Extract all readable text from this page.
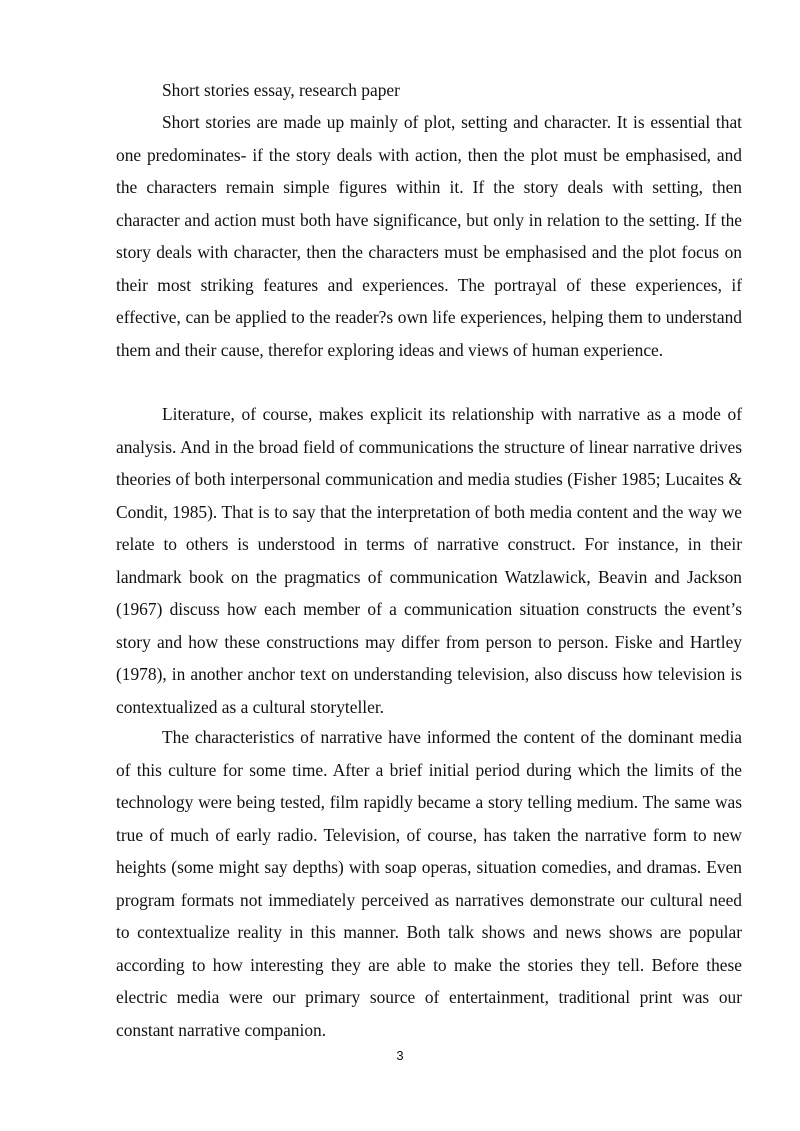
Short stories essay, research paper

Short stories are made up mainly of plot, setting and character. It is essential that one predominates- if the story deals with action, then the plot must be emphasised, and the characters remain simple figures within it. If the story deals with setting, then character and action must both have significance, but only in relation to the setting. If the story deals with character, then the characters must be emphasised and the plot focus on their most striking features and experiences. The portrayal of these experiences, if effective, can be applied to the reader?s own life experiences, helping them to understand them and their cause, therefor exploring ideas and views of human experience.

Literature, of course, makes explicit its relationship with narrative as a mode of analysis. And in the broad field of communications the structure of linear narrative drives theories of both interpersonal communication and media studies (Fisher 1985; Lucaites & Condit, 1985). That is to say that the interpretation of both media content and the way we relate to others is understood in terms of narrative construct. For instance, in their landmark book on the pragmatics of communication Watzlawick, Beavin and Jackson (1967) discuss how each member of a communication situation constructs the event’s story and how these constructions may differ from person to person. Fiske and Hartley (1978), in another anchor text on understanding television, also discuss how television is contextualized as a cultural storyteller.

The characteristics of narrative have informed the content of the dominant media of this culture for some time. After a brief initial period during which the limits of the technology were being tested, film rapidly became a story telling medium. The same was true of much of early radio. Television, of course, has taken the narrative form to new heights (some might say depths) with soap operas, situation comedies, and dramas. Even program formats not immediately perceived as narratives demonstrate our cultural need to contextualize reality in this manner. Both talk shows and news shows are popular according to how interesting they are able to make the stories they tell. Before these electric media were our primary source of entertainment, traditional print was our constant narrative companion.

3
